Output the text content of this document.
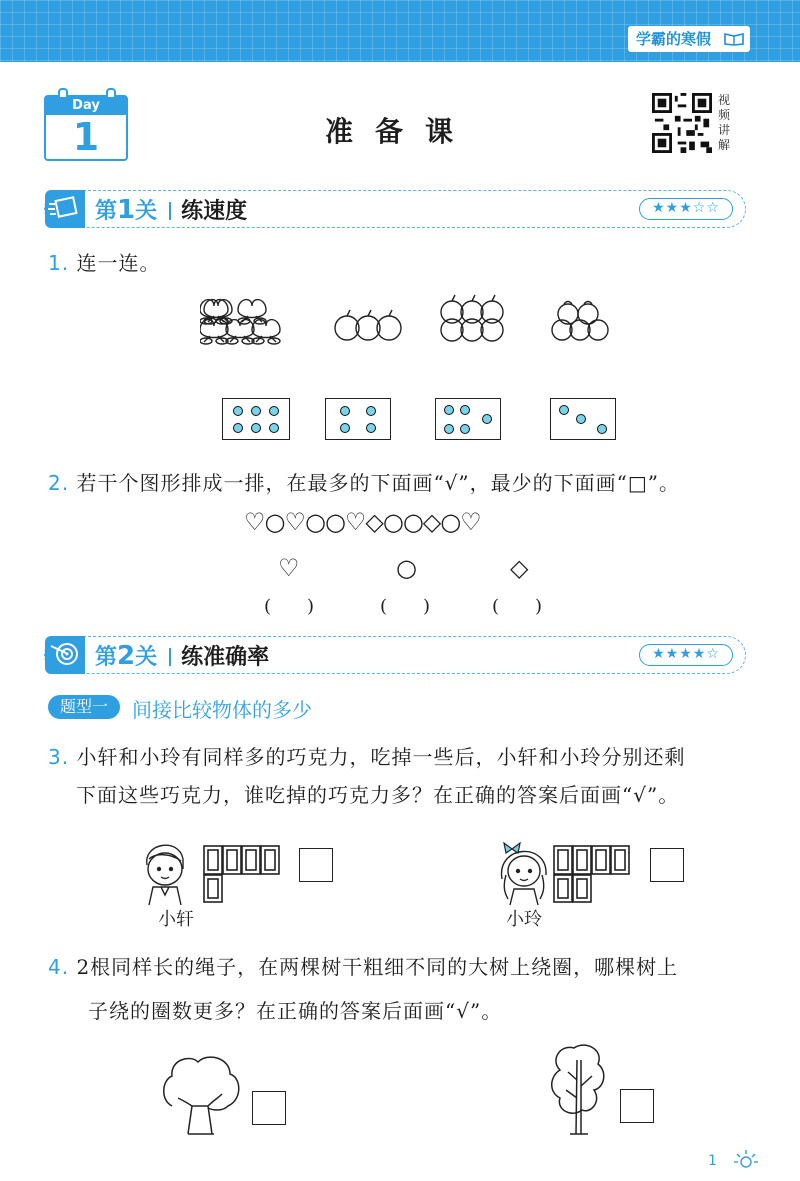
学霸的寒假
Day
1	准备课
视
频
讲
解
第1关 练速度	★★★☆☆
1. 连一连。
2. 若干个图形排成一排，在最多的下面画“√”，最少的下面画“□”。
♡○♡○○♡◇○○◇○♡
♡	○	◇
(　　)	(　　)	(　　)
第2关 练准确率	★★★★☆
题型一	间接比较物体的多少
3. 小轩和小玲有同样多的巧克力，吃掉一些后，小轩和小玲分别还剩
下面这些巧克力，谁吃掉的巧克力多？在正确的答案后面画“√”。
小轩	小玲
4. 2根同样长的绳子，在两棵树干粗细不同的大树上绕圈，哪棵树上
子绕的圈数更多？在正确的答案后面画“√”。
1
